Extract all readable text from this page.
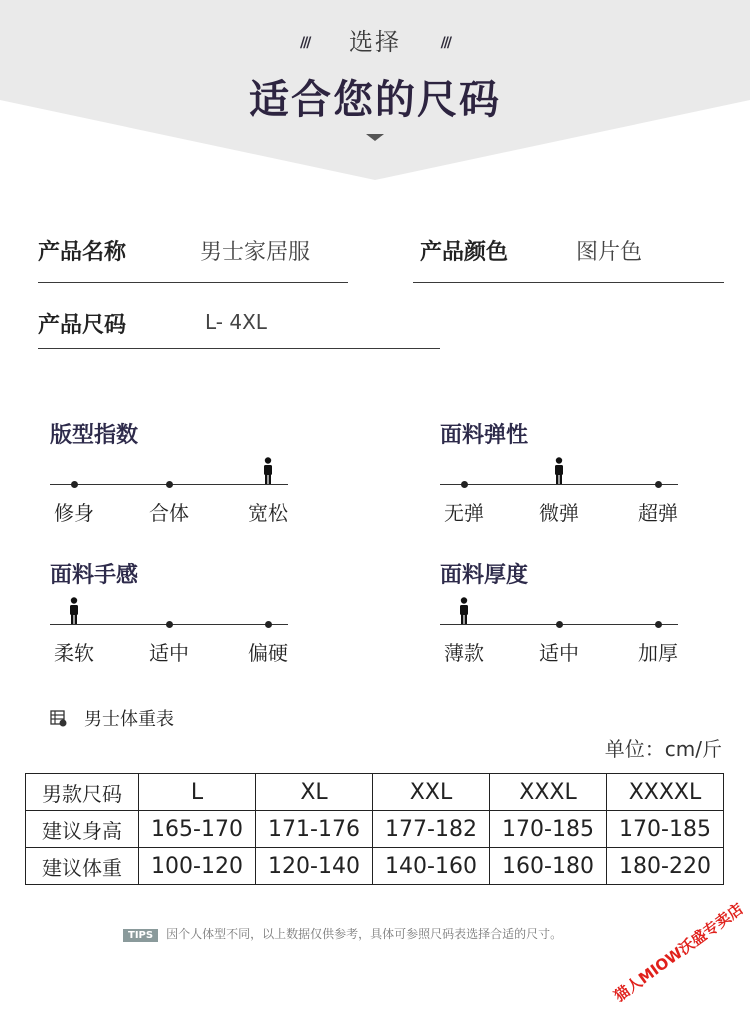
/// 选择	///
适合您的尺码
产品名称	男士家居服	产品颜色	图片色
产品尺码	L- 4XL
版型指数
修身	合体	宽松
面料弹性
无弹	微弹	超弹
面料手感
柔软	适中	偏硬
面料厚度
薄款	适中	加厚
男士体重表
单位：cm/斤
男款尺码	L	XL	XXL	XXXL	XXXXL
建议身高	165-170	171-176	177-182	170-185	170-185
建议体重	100-120	120-140	140-160	160-180	180-220
TIPS 因个人体型不同，以上数据仅供参考，具体可参照尺码表选择合适的尺寸。	猫人MIOW沃盛专卖店
